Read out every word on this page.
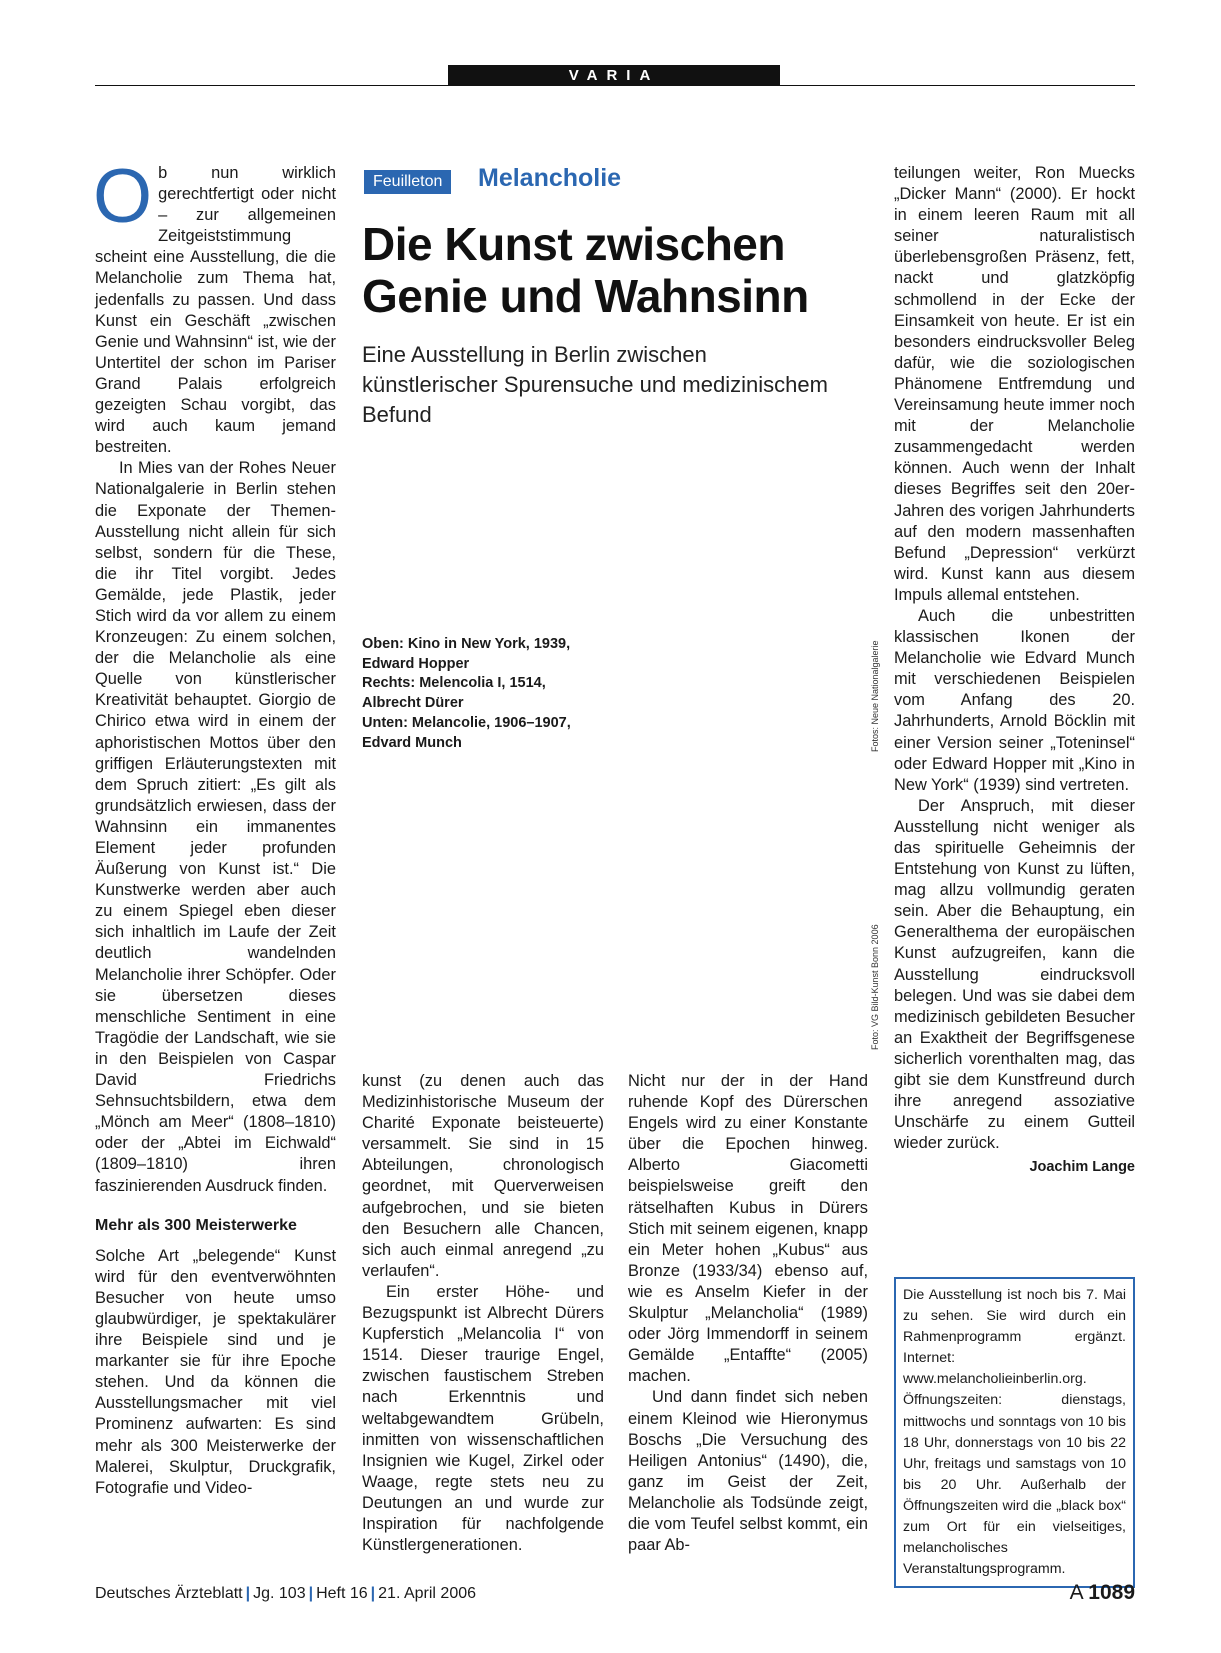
VARIA

Ob nun wirklich gerechtfertigt oder nicht – zur allgemeinen Zeitgeiststimmung scheint eine Ausstellung, die die Melancholie zum Thema hat, jedenfalls zu passen. Und dass Kunst ein Geschäft „zwischen Genie und Wahnsinn“ ist, wie der Untertitel der schon im Pariser Grand Palais erfolgreich gezeigten Schau vorgibt, das wird auch kaum jemand bestreiten.

In Mies van der Rohes Neuer Nationalgalerie in Berlin stehen die Exponate der Themen-Ausstellung nicht allein für sich selbst, sondern für die These, die ihr Titel vorgibt. Jedes Gemälde, jede Plastik, jeder Stich wird da vor allem zu einem Kronzeugen: Zu einem solchen, der die Melancholie als eine Quelle von künstlerischer Kreativität behauptet. Giorgio de Chirico etwa wird in einem der aphoristischen Mottos über den griffigen Erläuterungstexten mit dem Spruch zitiert: „Es gilt als grundsätzlich erwiesen, dass der Wahnsinn ein immanentes Element jeder profunden Äußerung von Kunst ist.“ Die Kunstwerke werden aber auch zu einem Spiegel eben dieser sich inhaltlich im Laufe der Zeit deutlich wandelnden Melancholie ihrer Schöpfer. Oder sie übersetzen dieses menschliche Sentiment in eine Tragödie der Landschaft, wie sie in den Beispielen von Caspar David Friedrichs Sehnsuchtsbildern, etwa dem „Mönch am Meer“ (1808–1810) oder der „Abtei im Eichwald“ (1809–1810) ihren faszinierenden Ausdruck finden.

Mehr als 300 Meisterwerke

Solche Art „belegende“ Kunst wird für den eventverwöhnten Besucher von heute umso glaubwürdiger, je spektakulärer ihre Beispiele sind und je markanter sie für ihre Epoche stehen. Und da können die Ausstellungsmacher mit viel Prominenz aufwarten: Es sind mehr als 300 Meisterwerke der Malerei, Skulptur, Druckgrafik, Fotografie und Video-

Feuilleton	Melancholie
Die Kunst zwischen Genie und Wahnsinn
Eine Ausstellung in Berlin zwischen künstlerischer Spurensuche und medizinischem Befund
Oben: Kino in New York, 1939,
Edward Hopper
Rechts: Melencolia I, 1514,
Albrecht Dürer
Unten: Melancolie, 1906–1907,
Edvard Munch	Fotos: Neue Nationalgalerie
Foto: VG Bild-Kunst Bonn 2006

kunst (zu denen auch das Medizinhistorische Museum der Charité Exponate beisteuerte) versammelt. Sie sind in 15 Abteilungen, chronologisch geordnet, mit Querverweisen aufgebrochen, und sie bieten den Besuchern alle Chancen, sich auch einmal anregend „zu verlaufen“.

Ein erster Höhe- und Bezugspunkt ist Albrecht Dürers Kupferstich „Melancolia I“ von 1514. Dieser traurige Engel, zwischen faustischem Streben nach Erkenntnis und weltabgewandtem Grübeln, inmitten von wissenschaftlichen Insignien wie Kugel, Zirkel oder Waage, regte stets neu zu Deutungen an und wurde zur Inspiration für nachfolgende Künstlergenerationen.

Nicht nur der in der Hand ruhende Kopf des Dürerschen Engels wird zu einer Konstante über die Epochen hinweg. Alberto Giacometti beispielsweise greift den rätselhaften Kubus in Dürers Stich mit seinem eigenen, knapp ein Meter hohen „Kubus“ aus Bronze (1933/34) ebenso auf, wie es Anselm Kiefer in der Skulptur „Melancholia“ (1989) oder Jörg Immendorff in seinem Gemälde „Entaffte“ (2005) machen.

Und dann findet sich neben einem Kleinod wie Hieronymus Boschs „Die Versuchung des Heiligen Antonius“ (1490), die, ganz im Geist der Zeit, Melancholie als Todsünde zeigt, die vom Teufel selbst kommt, ein paar Ab-

teilungen weiter, Ron Muecks „Dicker Mann“ (2000). Er hockt in einem leeren Raum mit all seiner naturalistisch überlebensgroßen Präsenz, fett, nackt und glatzköpfig schmollend in der Ecke der Einsamkeit von heute. Er ist ein besonders eindrucksvoller Beleg dafür, wie die soziologischen Phänomene Entfremdung und Vereinsamung heute immer noch mit der Melancholie zusammengedacht werden können. Auch wenn der Inhalt dieses Begriffes seit den 20er-Jahren des vorigen Jahrhunderts auf den modern massenhaften Befund „Depression“ verkürzt wird. Kunst kann aus diesem Impuls allemal entstehen.

Auch die unbestritten klassischen Ikonen der Melancholie wie Edvard Munch mit verschiedenen Beispielen vom Anfang des 20. Jahrhunderts, Arnold Böcklin mit einer Version seiner „Toteninsel“ oder Edward Hopper mit „Kino in New York“ (1939) sind vertreten.

Der Anspruch, mit dieser Ausstellung nicht weniger als das spirituelle Geheimnis der Entstehung von Kunst zu lüften, mag allzu vollmundig geraten sein. Aber die Behauptung, ein Generalthema der europäischen Kunst aufzugreifen, kann die Ausstellung eindrucksvoll belegen. Und was sie dabei dem medizinisch gebildeten Besucher an Exaktheit der Begriffsgenese sicherlich vorenthalten mag, das gibt sie dem Kunstfreund durch ihre anregend assoziative Unschärfe zu einem Gutteil wieder zurück.

Joachim Lange
Die Ausstellung ist noch bis 7. Mai zu sehen. Sie wird durch ein Rahmenprogramm ergänzt. Internet: www.melancholieinberlin.org. Öffnungszeiten: dienstags, mittwochs und sonntags von 10 bis 18 Uhr, donnerstags von 10 bis 22 Uhr, freitags und samstags von 10 bis 20 Uhr. Außerhalb der Öffnungszeiten wird die „black box“ zum Ort für ein vielseitiges, melancholisches Veranstaltungsprogramm.
Deutsches Ärzteblatt | Jg. 103 | Heft 16 | 21. April 2006	A 1089
